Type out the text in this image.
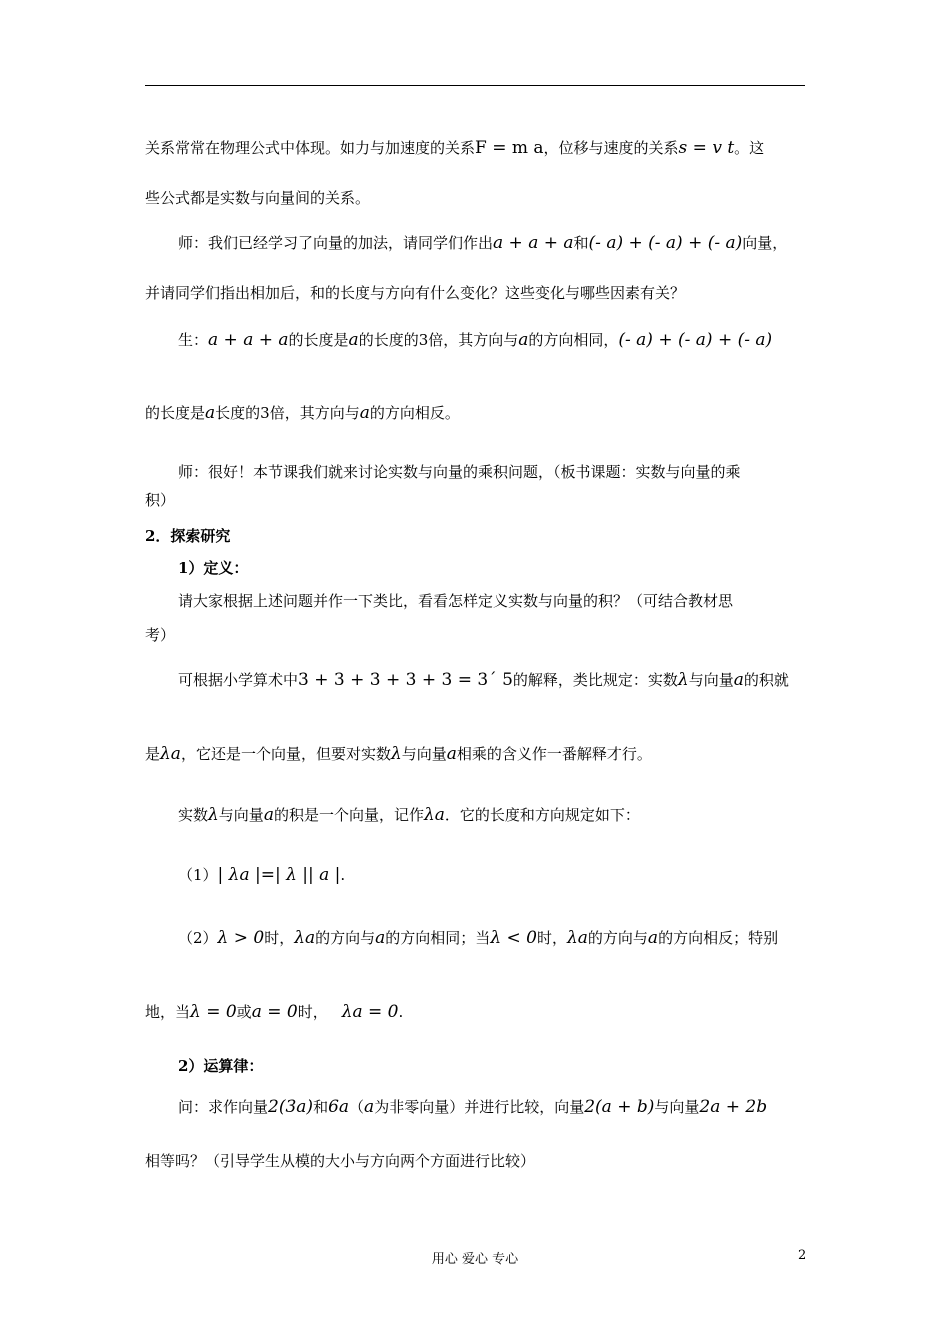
关系常常在物理公式中体现。如力与加速度的关系F = m a，位移与速度的关系s = v t。这
些公式都是实数与向量间的关系。
师：我们已经学习了向量的加法，请同学们作出a + a + a和(- a) + (- a) + (- a)向量，
并请同学们指出相加后，和的长度与方向有什么变化？这些变化与哪些因素有关？
生：a + a + a的长度是a的长度的3倍，其方向与a的方向相同，(- a) + (- a) + (- a)
的长度是a长度的3倍，其方向与a的方向相反。
师：很好！本节课我们就来讨论实数与向量的乘积问题，（板书课题：实数与向量的乘
积）
2．探索研究
1）定义：
请大家根据上述问题并作一下类比，看看怎样定义实数与向量的积？（可结合教材思
考）
可根据小学算术中3 + 3 + 3 + 3 + 3 = 3´ 5的解释，类比规定：实数λ与向量a的积就
是λa，它还是一个向量，但要对实数λ与向量a相乘的含义作一番解释才行。
实数λ与向量a的积是一个向量，记作λa．它的长度和方向规定如下：
（1）| λa |=| λ || a |.
（2）λ > 0时，λa的方向与a的方向相同；当λ < 0时，λa的方向与a的方向相反；特别
地，当λ = 0或a = 0时， λa = 0.
2）运算律：
问：求作向量2(3a)和6a（a为非零向量）并进行比较，向量2(a + b)与向量2a + 2b
相等吗？（引导学生从模的大小与方向两个方面进行比较）
用心 爱心 专心	2
